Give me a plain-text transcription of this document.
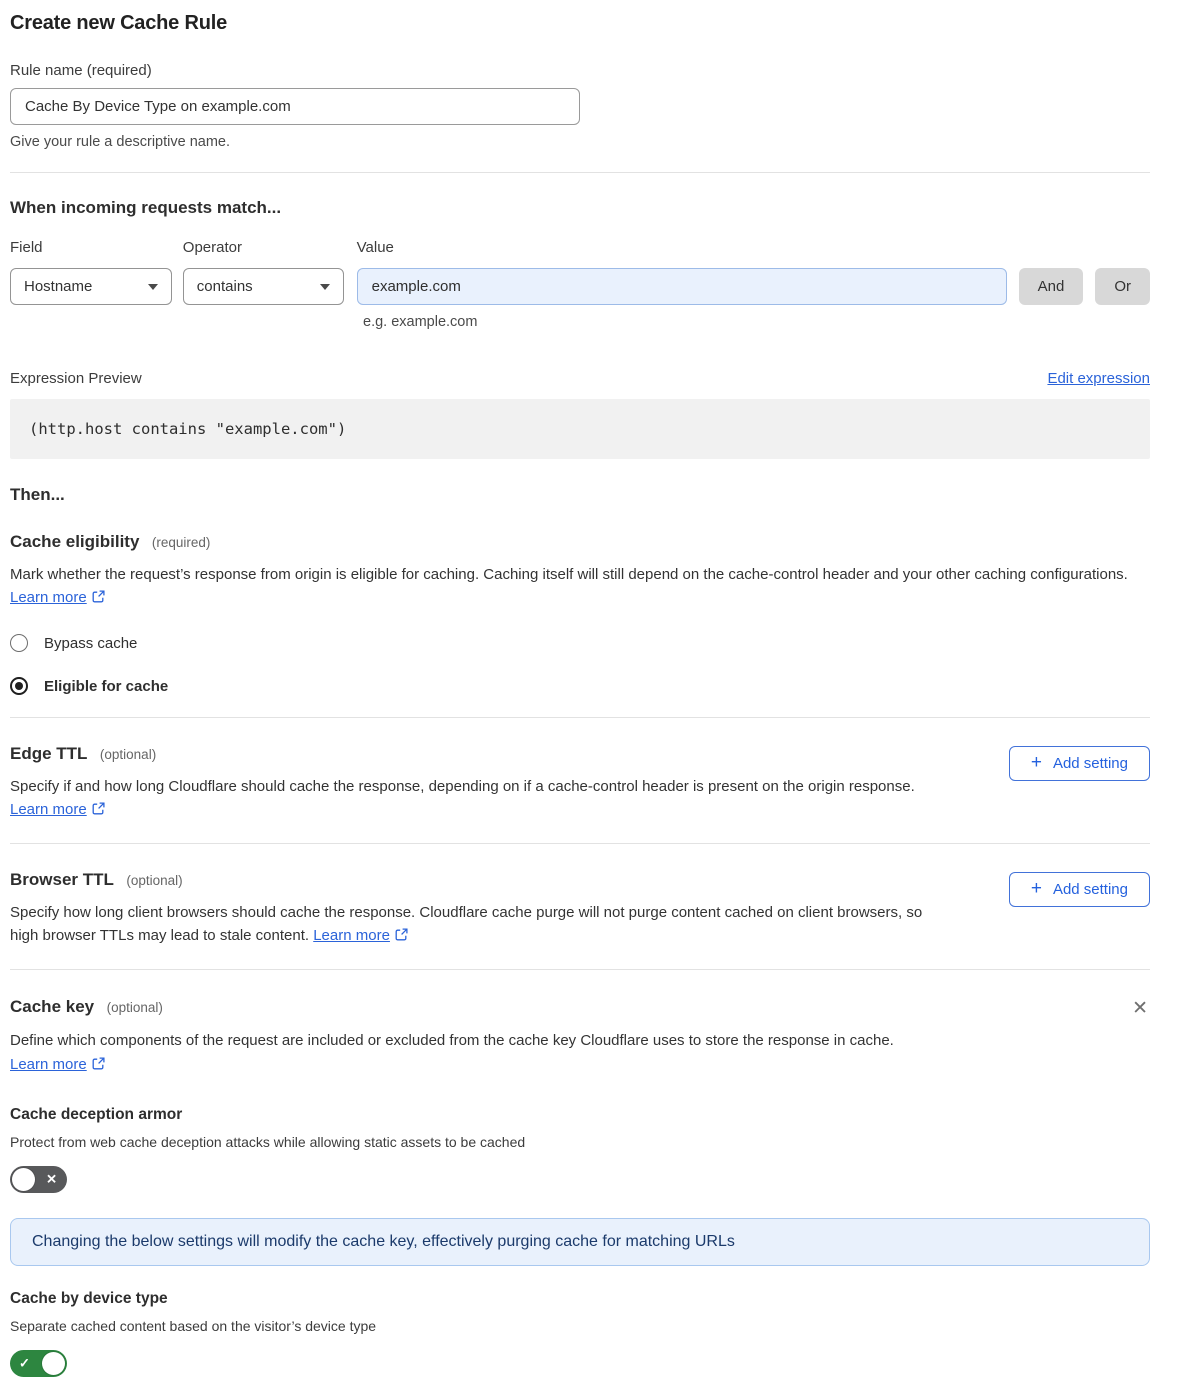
Create new Cache Rule
Rule name (required)
Cache By Device Type on example.com
Give your rule a descriptive name.
When incoming requests match...
Field
Hostname
Operator
contains
Value
example.com
And	Or
e.g. example.com
Expression Preview	Edit expression
(http.host contains "example.com")
Then...
Cache eligibility (required)
Mark whether the request’s response from origin is eligible for caching. Caching itself will still depend on the cache-control header and your other caching configurations. Learn more
Bypass cache
Eligible for cache
Edge TTL (optional)
Specify if and how long Cloudflare should cache the response, depending on if a cache-control header is present on the origin response. Learn more
+ Add setting
Browser TTL (optional)
Specify how long client browsers should cache the response. Cloudflare cache purge will not purge content cached on client browsers, so high browser TTLs may lead to stale content. Learn more
+ Add setting
Cache key (optional)	✕
Define which components of the request are included or excluded from the cache key Cloudflare uses to store the response in cache.
Learn more
Cache deception armor
Protect from web cache deception attacks while allowing static assets to be cached
✕
Changing the below settings will modify the cache key, effectively purging cache for matching URLs
Cache by device type
Separate cached content based on the visitor’s device type
✓
